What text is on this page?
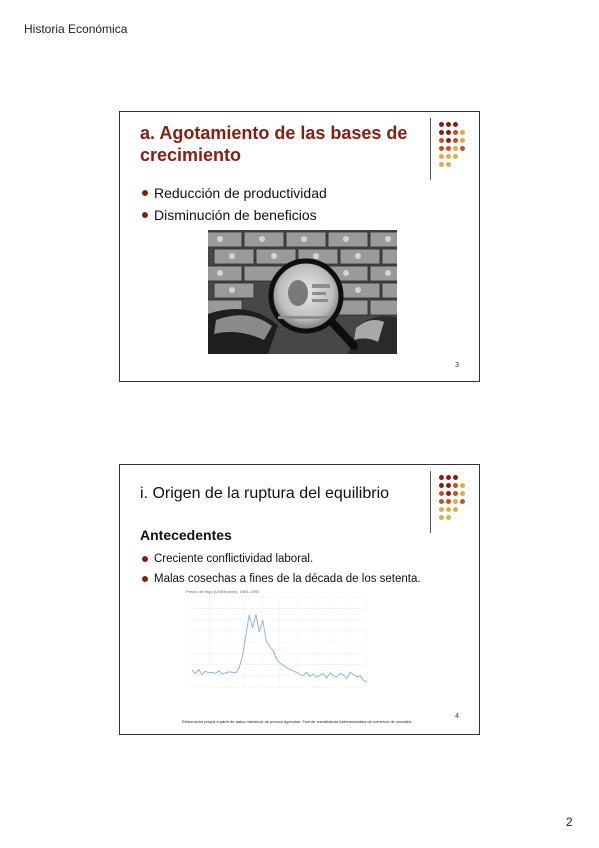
Historia Económica
a. Agotamiento de las bases de crecimiento
Reducción de productividad
Disminución de beneficios
3
i. Origen de la ruptura del equilibrio
Antecedentes
Creciente conflictividad laboral.
Malas cosechas a fines de la década de los setenta.
Precio del trigo (US$/bushel), 1960–1990
Elaboración propia a partir de datos históricos de precios agrícolas. Fuente: estadísticas internacionales de comercio de cereales.
4
2
